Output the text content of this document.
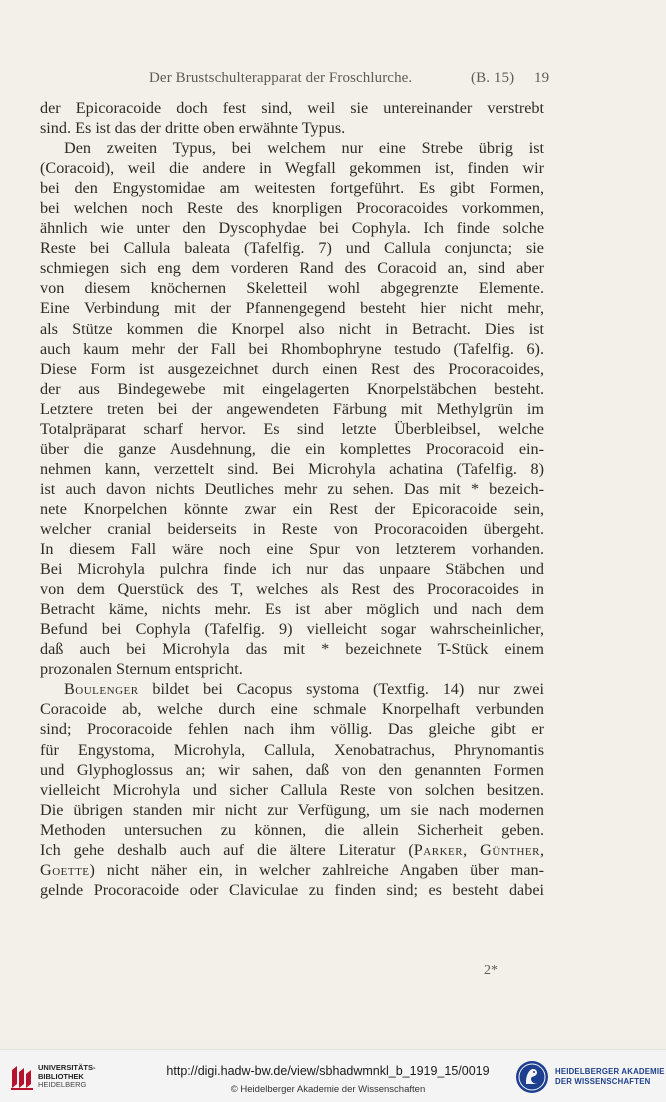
Der Brustschulterapparat der Froschlurche.	(B. 15) 19
der Epicoracoide doch fest sind, weil sie untereinander verstrebt
sind. Es ist das der dritte oben erwähnte Typus.
Den zweiten Typus, bei welchem nur eine Strebe übrig ist
(Coracoid), weil die andere in Wegfall gekommen ist, finden wir
bei den Engystomidae am weitesten fortgeführt. Es gibt Formen,
bei welchen noch Reste des knorpligen Procoracoides vorkommen,
ähnlich wie unter den Dyscophydae bei Cophyla. Ich finde solche
Reste bei Callula baleata (Tafelfig. 7) und Callula conjuncta; sie
schmiegen sich eng dem vorderen Rand des Coracoid an, sind aber
von diesem knöchernen Skeletteil wohl abgegrenzte Elemente.
Eine Verbindung mit der Pfannengegend besteht hier nicht mehr,
als Stütze kommen die Knorpel also nicht in Betracht. Dies ist
auch kaum mehr der Fall bei Rhombophryne testudo (Tafelfig. 6).
Diese Form ist ausgezeichnet durch einen Rest des Procoracoides,
der aus Bindegewebe mit eingelagerten Knorpelstäbchen besteht.
Letztere treten bei der angewendeten Färbung mit Methylgrün im
Totalpräparat scharf hervor. Es sind letzte Überbleibsel, welche
über die ganze Ausdehnung, die ein komplettes Procoracoid ein-
nehmen kann, verzettelt sind. Bei Microhyla achatina (Tafelfig. 8)
ist auch davon nichts Deutliches mehr zu sehen. Das mit * bezeich-
nete Knorpelchen könnte zwar ein Rest der Epicoracoide sein,
welcher cranial beiderseits in Reste von Procoracoiden übergeht.
In diesem Fall wäre noch eine Spur von letzterem vorhanden.
Bei Microhyla pulchra finde ich nur das unpaare Stäbchen und
von dem Querstück des T, welches als Rest des Procoracoides in
Betracht käme, nichts mehr. Es ist aber möglich und nach dem
Befund bei Cophyla (Tafelfig. 9) vielleicht sogar wahrscheinlicher,
daß auch bei Microhyla das mit * bezeichnete T-Stück einem
prozonalen Sternum entspricht.
Boulenger bildet bei Cacopus systoma (Textfig. 14) nur zwei
Coracoide ab, welche durch eine schmale Knorpelhaft verbunden
sind; Procoracoide fehlen nach ihm völlig. Das gleiche gibt er
für Engystoma, Microhyla, Callula, Xenobatrachus, Phrynomantis
und Glyphoglossus an; wir sahen, daß von den genannten Formen
vielleicht Microhyla und sicher Callula Reste von solchen besitzen.
Die übrigen standen mir nicht zur Verfügung, um sie nach modernen
Methoden untersuchen zu können, die allein Sicherheit geben.
Ich gehe deshalb auch auf die ältere Literatur (Parker, Günther,
Goette) nicht näher ein, in welcher zahlreiche Angaben über man-
gelnde Procoracoide oder Claviculae zu finden sind; es besteht dabei
2*
UNIVERSITÄTS-
BIBLIOTHEK
HEIDELBERG
http://digi.hadw-bw.de/view/sbhadwmnkl_b_1919_15/0019
© Heidelberger Akademie der Wissenschaften
HEIDELBERGER AKADEMIE
DER WISSENSCHAFTEN
